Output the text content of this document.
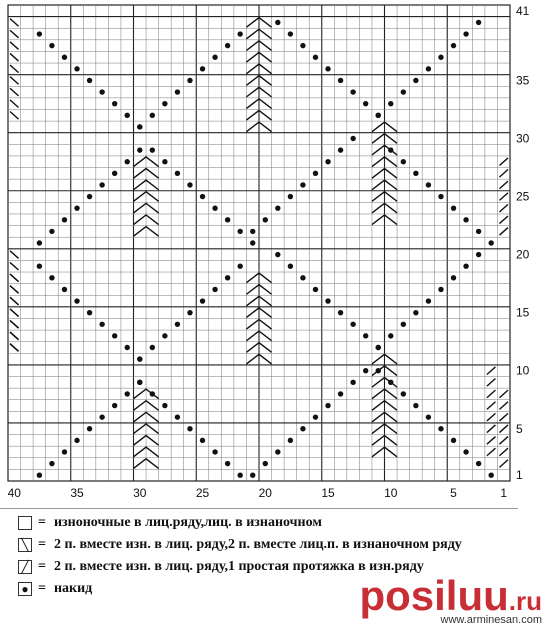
40	35	30	25	20	15	10	5	1
41
35
30
25
20
15
10
5
1
= изноночные в лиц.ряду,лиц. в изнаночном
╲ = 2 п. вместе изн. в лиц. ряду,2 п. вместе лиц.п. в изнаночном ряду
╱ = 2 п. вместе изн. в лиц. ряду,1 простая протяжка в изн.ряду
● = накид	posiluu.ru
www.arminesan.com
